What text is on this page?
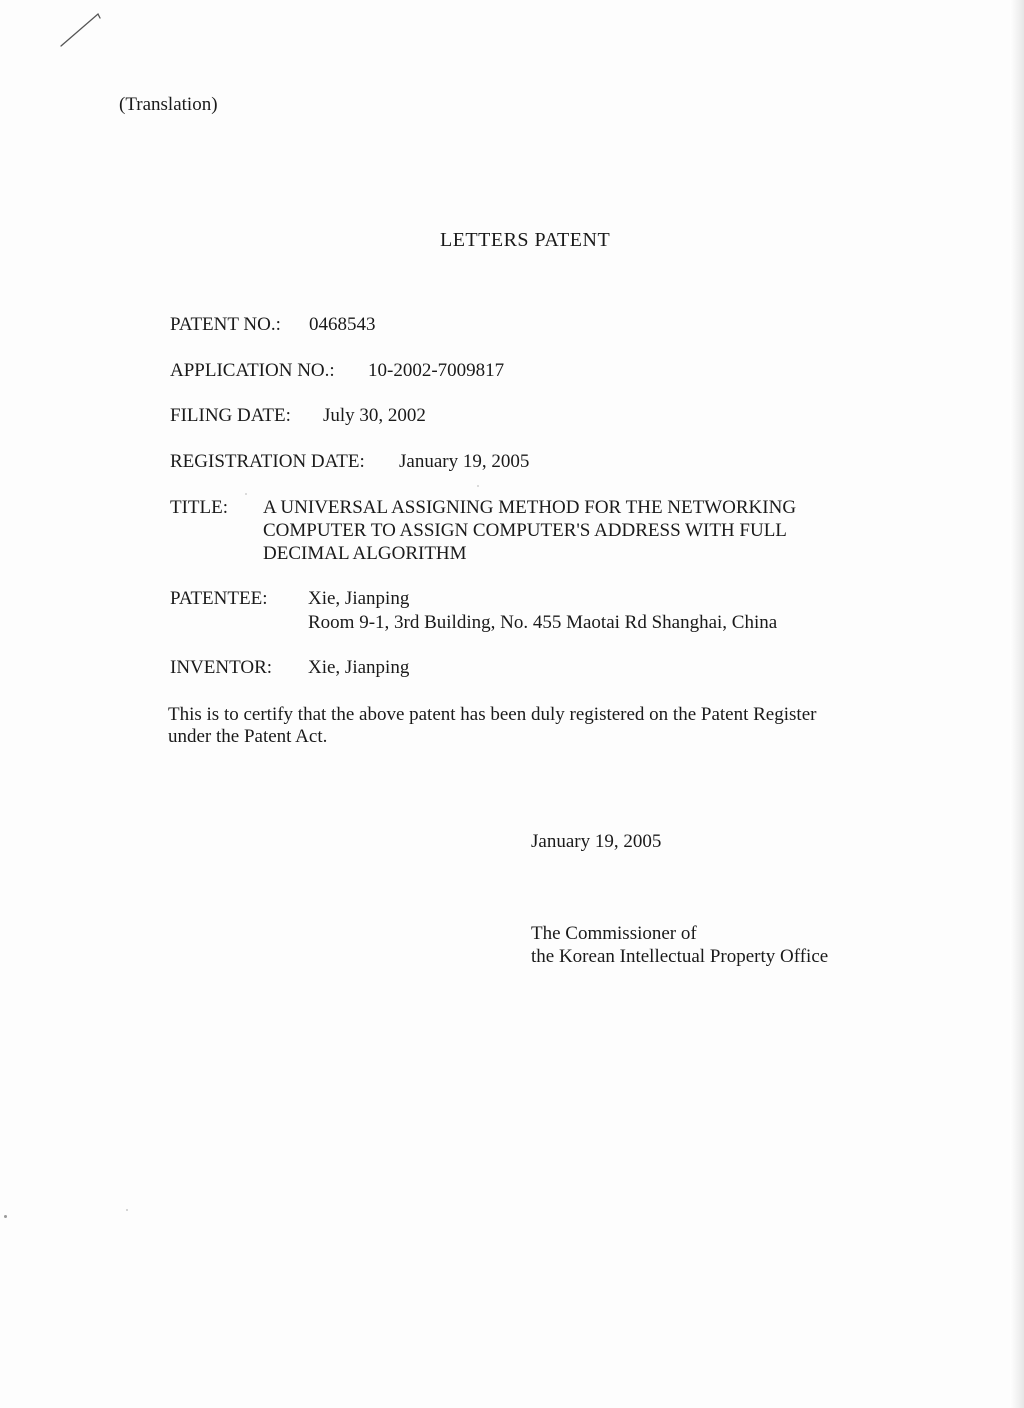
(Translation)
LETTERS PATENT
PATENT NO.: 0468543
APPLICATION NO.: 10-2002-7009817
FILING DATE: July 30, 2002
REGISTRATION DATE: January 19, 2005
TITLE: A UNIVERSAL ASSIGNING METHOD FOR THE NETWORKING
COMPUTER TO ASSIGN COMPUTER'S ADDRESS WITH FULL
DECIMAL ALGORITHM
PATENTEE: Xie, Jianping
Room 9-1, 3rd Building, No. 455 Maotai Rd Shanghai, China
INVENTOR: Xie, Jianping
This is to certify that the above patent has been duly registered on the Patent Register
under the Patent Act.
January 19, 2005
The Commissioner of
the Korean Intellectual Property Office
